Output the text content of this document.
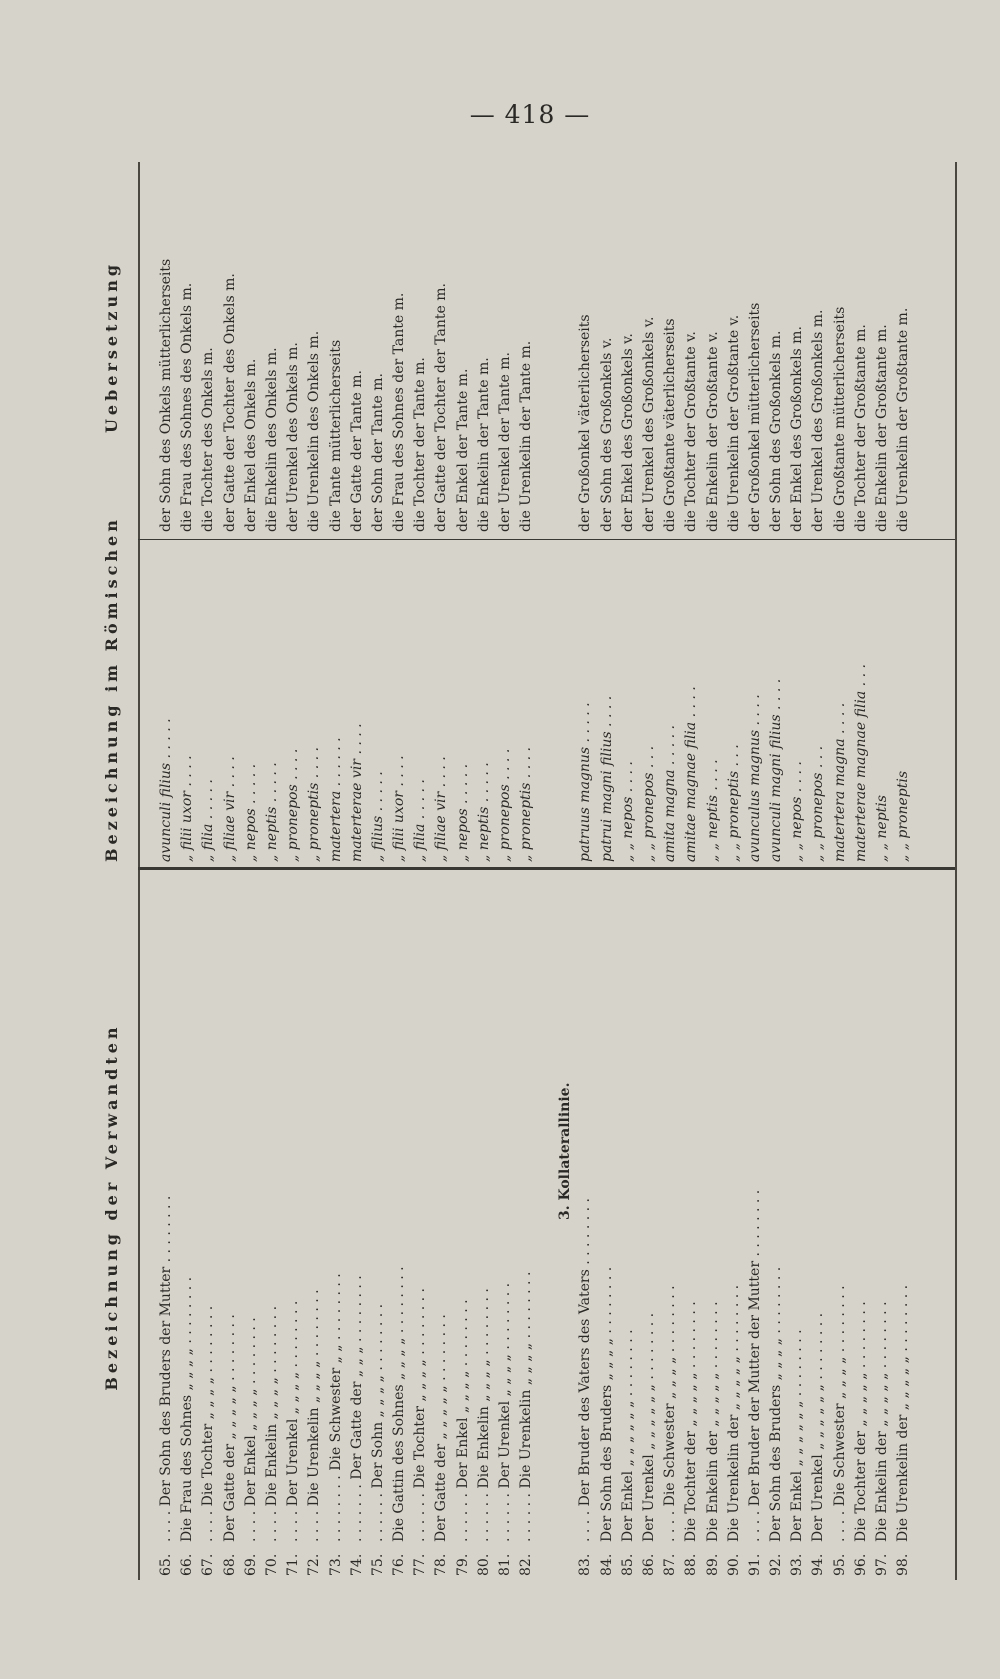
— 418 —
Bezeichnung der Verwandten
Bezeichnung im Römischen
Uebersetzung
65.
. . . . Der Sohn des Bruders der Mutter . . . . . . . .
avunculi filius . . . . .
der Sohn des Onkels mütterlicherseits
66.
Die Frau des Sohnes „ „ „ „ . . . . . . . .
„ filii uxor . . . .
die Frau des Sohnes des Onkels m.
67.
. . . . Die Tochter „ „ „ „ . . . . . . . .
„ filia . . . . .
die Tochter des Onkels m.
68.
Der Gatte der „ „ „ „ „ . . . . . . . .
„ filiae vir . . . .
der Gatte der Tochter des Onkels m.
69.
. . . . Der Enkel „ „ „ „ . . . . . . . .
„ nepos . . . . .
der Enkel des Onkels m.
70.
. . . . Die Enkelin „ „ „ „ . . . . . . . .
„ neptis . . . . .
die Enkelin des Onkels m.
71.
. . . . Der Urenkel „ „ „ „ . . . . . . . .
„ pronepos . . . .
der Urenkel des Onkels m.
72.
. . . . Die Urenkelin „ „ „ „ . . . . . . . .
„ proneptis . . . .
die Urenkelin des Onkels m.
73.
. . . . . . . . Die Schwester „ „ . . . . . . . .
matertera . . . . . .
die Tante mütterlicherseits
74.
. . . . . . . Der Gatte der „ „ „ . . . . . . . .
materterae vir . . . .
der Gatte der Tante m.
75.
. . . . . . Der Sohn „ „ „ „ . . . . . . . .
„ filius . . . . .
der Sohn der Tante m.
76.
Die Gattin des Sohnes „ „ „ „ . . . . . . . .
„ filii uxor . . . .
die Frau des Sohnes der Tante m.
77.
. . . . . . Die Tochter „ „ „ „ . . . . . . . .
„ filia . . . . .
die Tochter der Tante m.
78.
Der Gatte der „ „ „ „ „ . . . . . . . .
„ filiae vir . . . .
der Gatte der Tochter der Tante m.
79.
. . . . . . Der Enkel „ „ „ „ . . . . . . . .
„ nepos . . . . .
der Enkel der Tante m.
80.
. . . . . . Die Enkelin „ „ „ „ . . . . . . . .
„ neptis . . . . .
die Enkelin der Tante m.
81.
. . . . . . Der Urenkel „ „ „ „ . . . . . . . .
„ pronepos . . . .
der Urenkel der Tante m.
82.
. . . . . . Die Urenkelin „ „ „ „ . . . . . . . .
„ proneptis . . . .
die Urenkelin der Tante m.
3. Kollaterallinie.
83.
. . . . Der Bruder des Vaters des Vaters . . . . . . . .
patruus magnus . . . . .
der Großonkel väterlicherseits
84.
Der Sohn des Bruders „ „ „ „ . . . . . . . .
patrui magni filius . . . .
der Sohn des Großonkels v.
85.
Der Enkel „ „ „ „ „ „ . . . . . . . .
„ „ nepos . . . .
der Enkel des Großonkels v.
86.
Der Urenkel „ „ „ „ „ „ . . . . . . . .
„ „ pronepos . . .
der Urenkel des Großonkels v.
87.
. . . . Die Schwester „ „ „ „ . . . . . . . .
amita magna . . . . .
die Großtante väterlicherseits
88.
Die Tochter der „ „ „ „ „ . . . . . . . .
amitae magnae filia . . . .
die Tochter der Großtante v.
89.
Die Enkelin der „ „ „ „ „ . . . . . . . .
„ „ neptis . . . .
die Enkelin der Großtante v.
90.
Die Urenkelin der „ „ „ „ „ . . . . . . . .
„ „ proneptis . . .
die Urenkelin der Großtante v.
91.
. . . . Der Bruder der Mutter der Mutter . . . . . . . .
avunculus magnus . . . .
der Großonkel mütterlicherseits
92.
Der Sohn des Bruders „ „ „ „ . . . . . . . .
avunculi magni filius . . . .
der Sohn des Großonkels m.
93.
Der Enkel „ „ „ „ „ „ . . . . . . . .
„ „ nepos . . . .
der Enkel des Großonkels m.
94.
Der Urenkel „ „ „ „ „ „ . . . . . . . .
„ „ pronepos . . .
der Urenkel des Großonkels m.
95.
. . . . Die Schwester „ „ „ „ . . . . . . . .
matertera magna . . . .
die Großtante mütterlicherseits
96.
Die Tochter der „ „ „ „ „ . . . . . . . .
materterae magnae filia . . .
die Tochter der Großtante m.
97.
Die Enkelin der „ „ „ „ „ . . . . . . . .
„ „ neptis
die Enkelin der Großtante m.
98.
Die Urenkelin der „ „ „ „ „ . . . . . . . .
„ „ proneptis
die Urenkelin der Großtante m.
